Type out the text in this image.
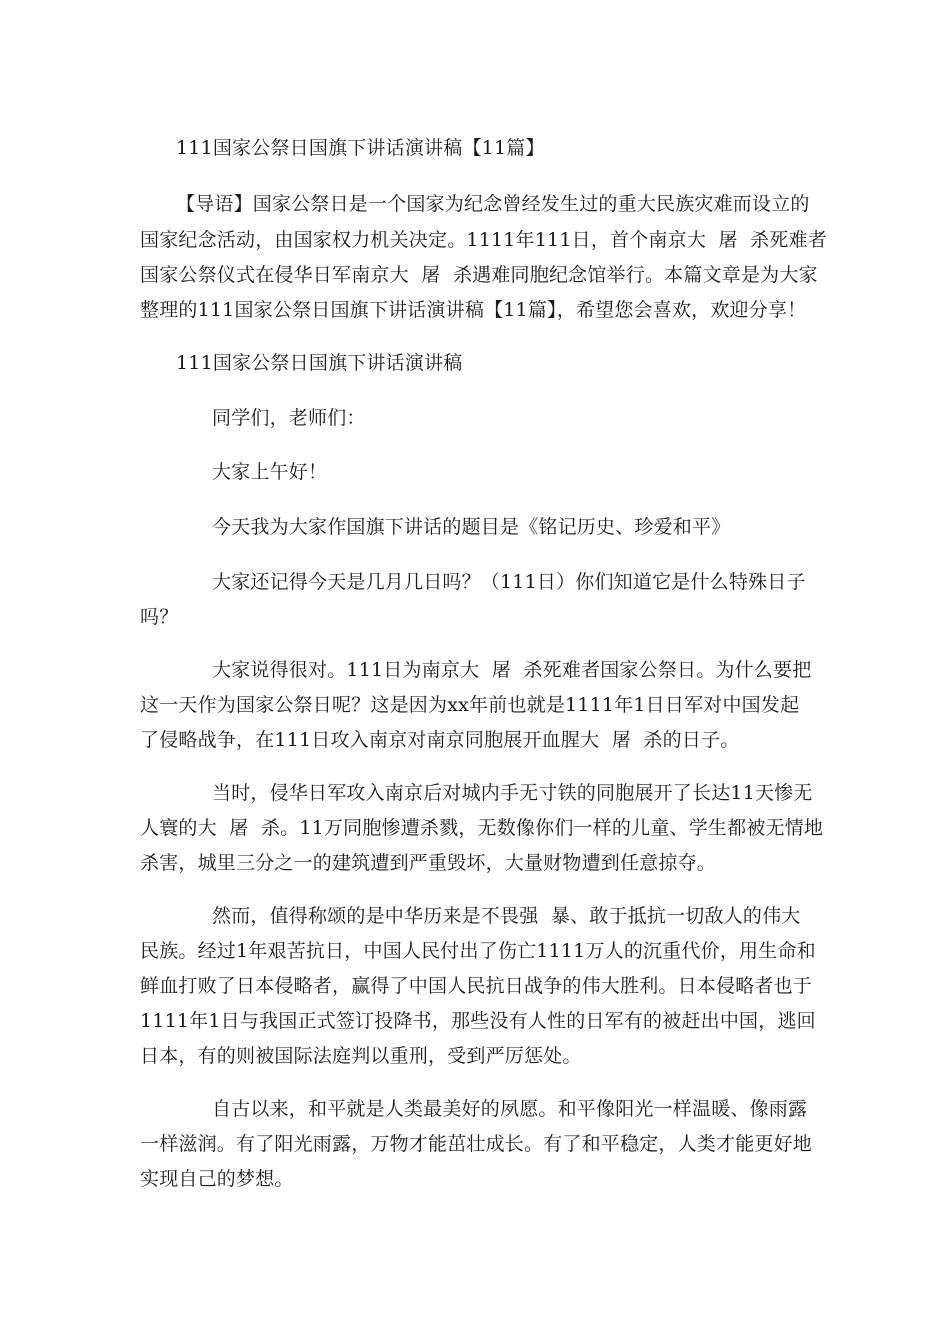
111国家公祭日国旗下讲话演讲稿【11篇】
【导语】国家公祭日是一个国家为纪念曾经发生过的重大民族灾难而设立的
国家纪念活动，由国家权力机关决定。1111年111日，首个南京大  屠  杀死难者
国家公祭仪式在侵华日军南京大  屠  杀遇难同胞纪念馆举行。本篇文章是为大家
整理的111国家公祭日国旗下讲话演讲稿【11篇】，希望您会喜欢，欢迎分享！
111国家公祭日国旗下讲话演讲稿
同学们，老师们：
大家上午好！
今天我为大家作国旗下讲话的题目是《铭记历史、珍爱和平》
大家还记得今天是几月几日吗？（111日）你们知道它是什么特殊日子
吗？
大家说得很对。111日为南京大  屠  杀死难者国家公祭日。为什么要把
这一天作为国家公祭日呢？这是因为xx年前也就是1111年1日日军对中国发起
了侵略战争，在111日攻入南京对南京同胞展开血腥大  屠  杀的日子。
当时，侵华日军攻入南京后对城内手无寸铁的同胞展开了长达11天惨无
人寰的大  屠  杀。11万同胞惨遭杀戮，无数像你们一样的儿童、学生都被无情地
杀害，城里三分之一的建筑遭到严重毁坏，大量财物遭到任意掠夺。
然而，值得称颂的是中华历来是不畏强  暴、敢于抵抗一切敌人的伟大
民族。经过1年艰苦抗日，中国人民付出了伤亡1111万人的沉重代价，用生命和
鲜血打败了日本侵略者，赢得了中国人民抗日战争的伟大胜利。日本侵略者也于
1111年1日与我国正式签订投降书，那些没有人性的日军有的被赶出中国，逃回
日本，有的则被国际法庭判以重刑，受到严厉惩处。
自古以来，和平就是人类最美好的夙愿。和平像阳光一样温暖、像雨露
一样滋润。有了阳光雨露，万物才能茁壮成长。有了和平稳定，人类才能更好地
实现自己的梦想。
